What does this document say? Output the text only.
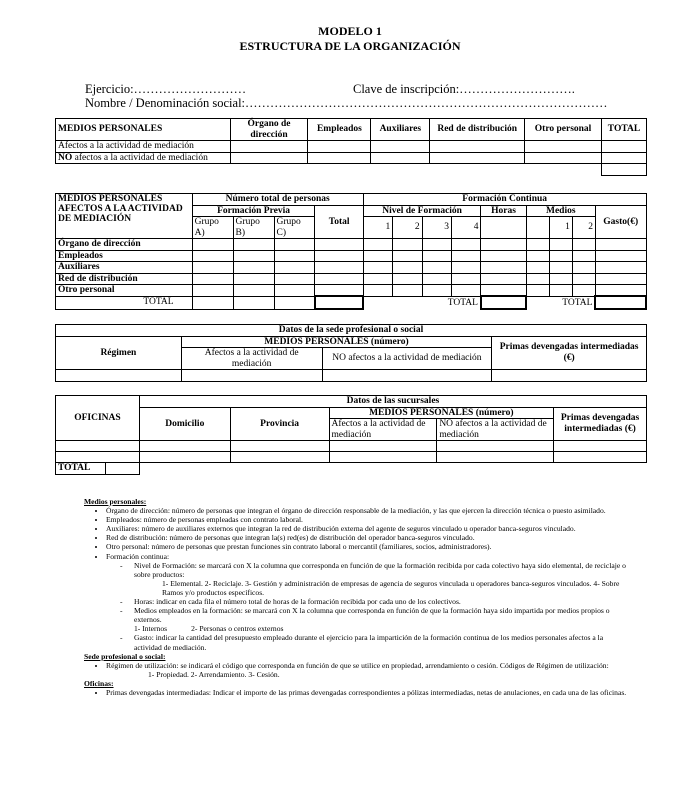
MODELO 1
ESTRUCTURA DE LA ORGANIZACIÓN
Ejercicio:………………………	Clave de inscripción:……………………….
Nombre / Denominación social:……………………………………………………………………………
MEDIOS PERSONALES	Órgano de dirección	Empleados	Auxiliares	Red de distribución	Otro personal	TOTAL
Afectos a la actividad de mediación						
NO afectos a la actividad de mediación						

MEDIOS PERSONALES AFECTOS A LA ACTIVIDAD DE MEDIACIÓN	Número total de personas				Formación Continua								
	Formación Previa			Total	Nivel de Formación				Horas	Medios			Gasto(€)
	Grupo A)	Grupo B)	Grupo C)		1	2	3	4			1	2	
Órgano de dirección													
Empleados													
Auxiliares													
Red de distribución													
Otro personal													
TOTAL							TOTAL			TOTAL			
Datos de la sede profesional o social			
Régimen	MEDIOS PERSONALES (número)		Primas devengadas intermediadas (€)
	Afectos a la actividad de mediación	NO afectos a la actividad de mediación	

OFICINAS		Datos de las sucursales				
		Domicilio	Provincia	MEDIOS PERSONALES (número)		Primas devengadas intermediadas (€)
				Afectos a la actividad de mediación	NO afectos a la actividad de mediación	

TOTAL						
Medios personales:
• Órgano de dirección: número de personas que integran el órgano de dirección responsable de la mediación, y las que ejercen la dirección técnica o puesto asimilado.
• Empleados: número de personas empleadas con contrato laboral.
• Auxiliares: número de auxiliares externos que integran la red de distribución externa del agente de seguros vinculado u operador banca-seguros vinculado.
• Red de distribución: número de personas que integran la(s) red(es) de distribución del operador banca-seguros vinculado.
• Otro personal: número de personas que prestan funciones sin contrato laboral o mercantil (familiares, socios, administradores).
• Formación continua:
- Nivel de Formación: se marcará con X la columna que corresponda en función de que la formación recibida por cada colectivo haya sido elemental, de reciclaje o sobre productos:
1- Elemental. 2- Reciclaje. 3- Gestión y administración de empresas de agencia de seguros vinculada u operadores banca-seguros vinculados. 4- Sobre Ramos y/o productos específicos.
- Horas: indicar en cada fila el número total de horas de la formación recibida por cada uno de los colectivos.
- Medios empleados en la formación: se marcará con X la columna que corresponda en función de que la formación haya sido impartida por medios propios o externos.
1- Internos	2- Personas o centros externos
- Gasto: indicar la cantidad del presupuesto empleado durante el ejercicio para la impartición de la formación continua de los medios personales afectos a la actividad de mediación.
Sede profesional o social:
• Régimen de utilización: se indicará el código que corresponda en función de que se utilice en propiedad, arrendamiento o cesión. Códigos de Régimen de utilización:
1- Propiedad. 2- Arrendamiento. 3- Cesión.
Oficinas:
• Primas devengadas intermediadas: Indicar el importe de las primas devengadas correspondientes a pólizas intermediadas, netas de anulaciones, en cada una de las oficinas.
